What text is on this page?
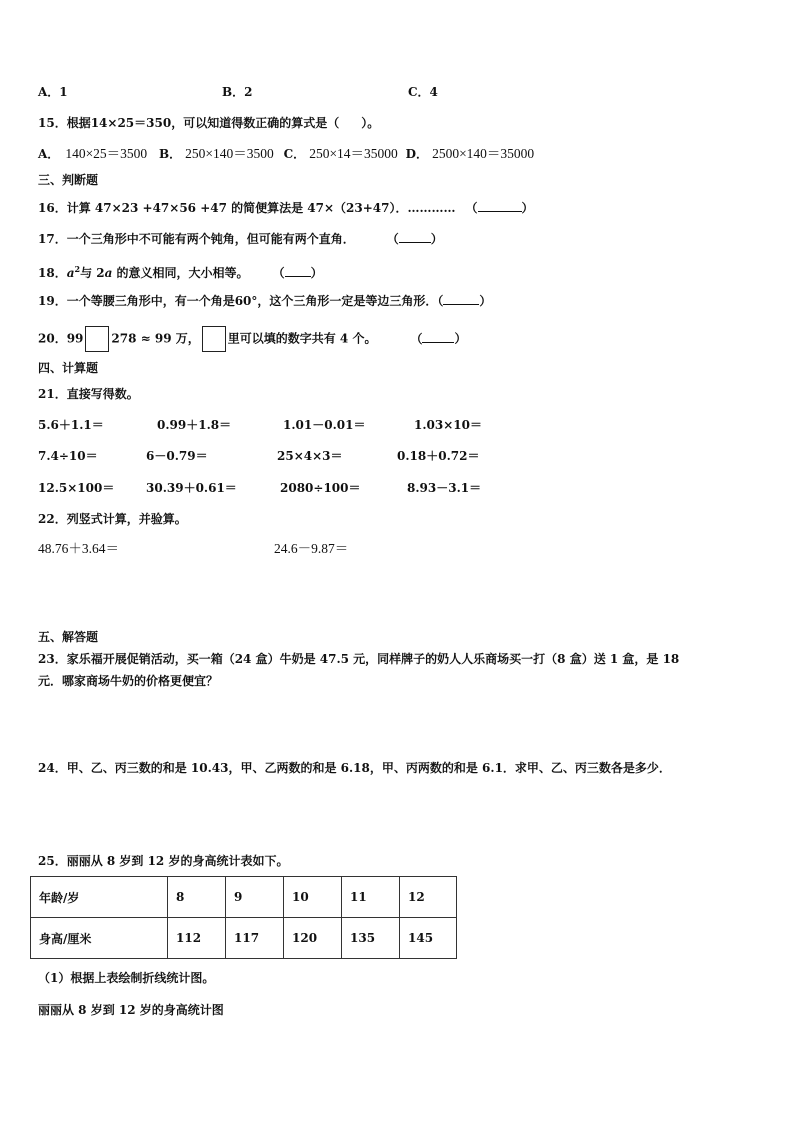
A．1	B．2	C．4
15．根据14×25＝350，可以知道得数正确的算式是（ ）。
A． 140×25＝3500 B． 250×140＝3500 C． 250×14＝35000 D． 2500×140＝35000
三、判断题
16．计算 47×23 +47×56 +47 的简便算法是 47×（23+47）．………… （	）
17．一个三角形中不可能有两个钝角，但可能有两个直角．	（	）
18．$a^2$与 2a 的意义相同，大小相等。	（ ）
19．一个等腰三角形中，有一个角是60°，这个三角形一定是等边三角形．（	）
20．99 278 ≈ 99 万， 里可以填的数字共有 4 个。	（	）
四、计算题
21．直接写得数。
5.6＋1.1＝	0.99＋1.8＝	1.01－0.01＝	1.03×10＝
7.4÷10＝	6－0.79＝	25×4×3＝	0.18＋0.72＝
12.5×100＝	30.39＋0.61＝	2080÷100＝	8.93－3.1＝
22．列竖式计算，并验算。
48.76＋3.64＝	24.6－9.87＝
五、解答题
23．家乐福开展促销活动，买一箱（24 盒）牛奶是 47.5 元，同样牌子的奶人人乐商场买一打（8 盒）送 1 盒，是 18
元．哪家商场牛奶的价格更便宜？
24．甲、乙、丙三数的和是 10.43，甲、乙两数的和是 6.18，甲、丙两数的和是 6.1．求甲、乙、丙三数各是多少．
25．丽丽从 8 岁到 12 岁的身高统计表如下。
年龄/岁	8	9	10	11	12
身高/厘米	112	117	120	135	145
（1）根据上表绘制折线统计图。
丽丽从 8 岁到 12 岁的身高统计图
